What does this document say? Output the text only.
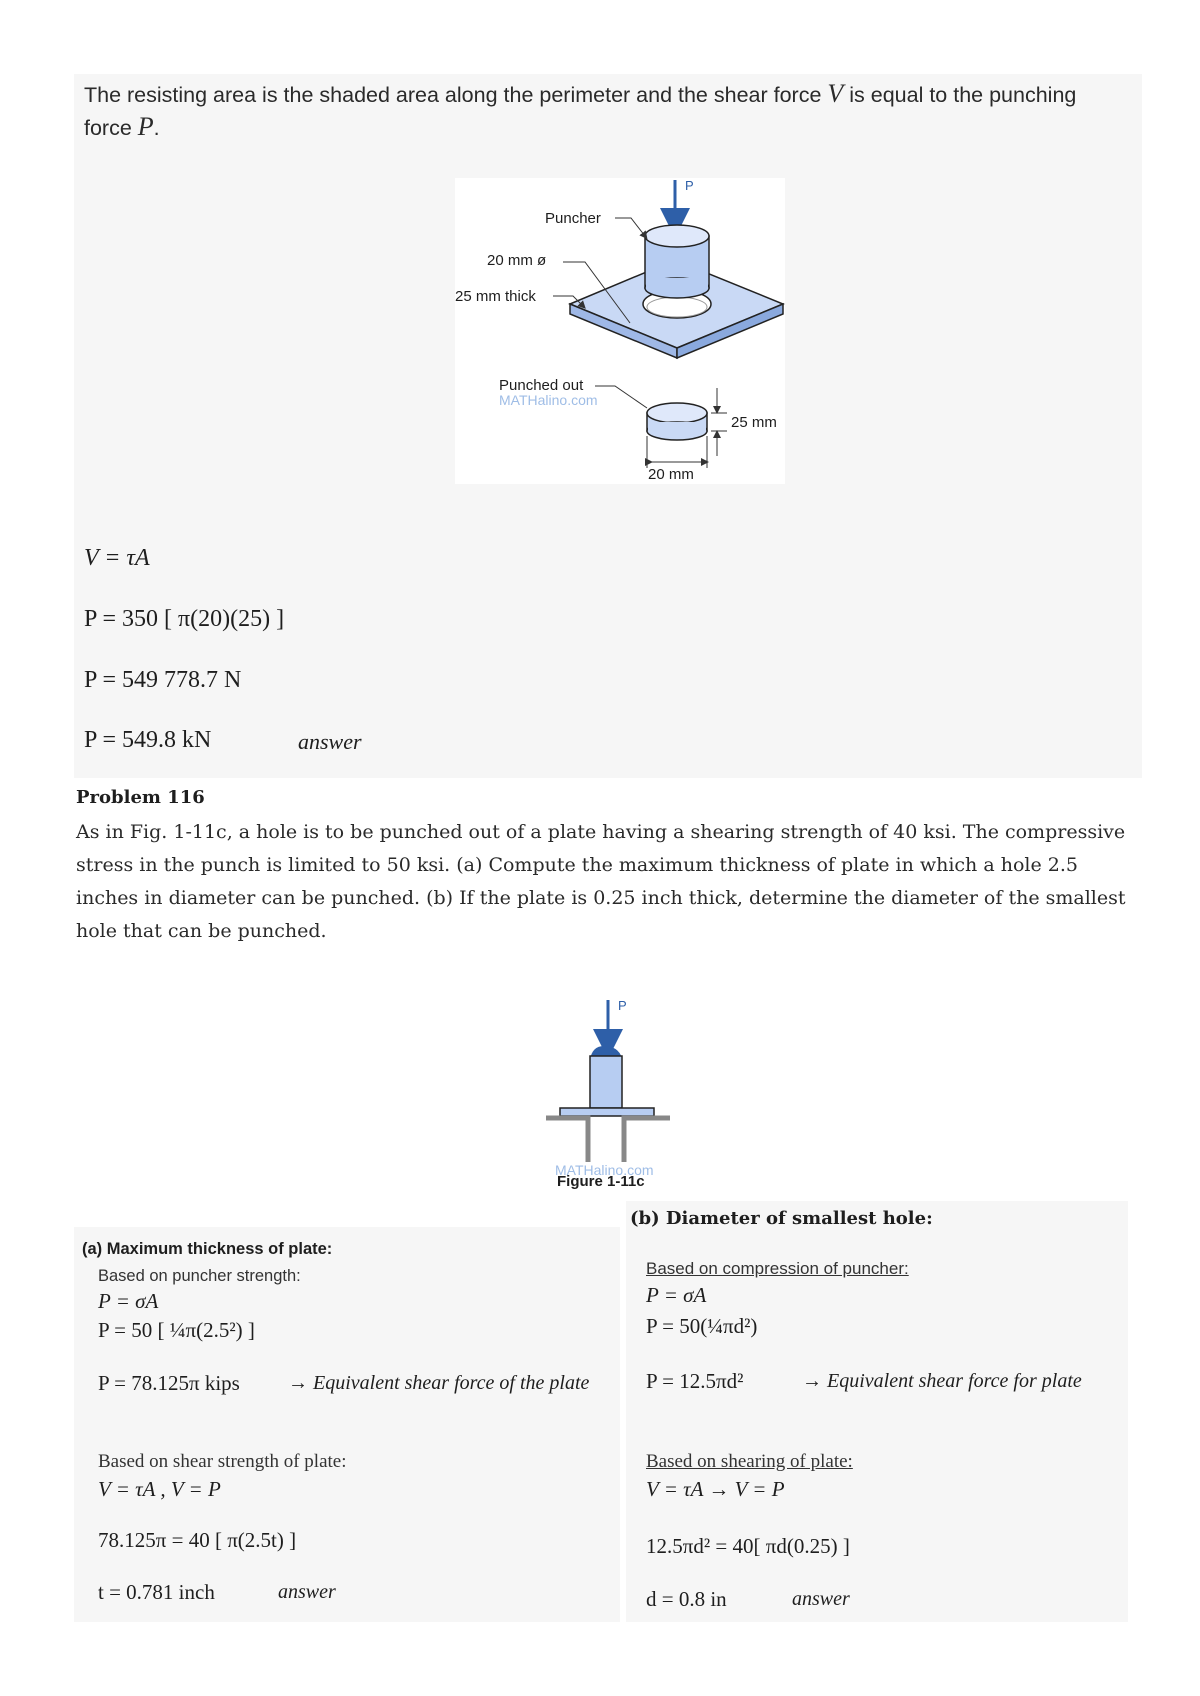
The resisting area is the shaded area along the perimeter and the shear force V is equal to the punching force P.
P
Puncher
20 mm ø
25 mm thick
Punched out
MATHalino.com
25 mm
20 mm
V = τA
P = 350 [ π(20)(25) ]
P = 549 778.7 N
P = 549.8 kN	answer
Problem 116
As in Fig. 1-11c, a hole is to be punched out of a plate having a shearing strength of 40 ksi. The compressive stress in the punch is limited to 50 ksi. (a) Compute the maximum thickness of plate in which a hole 2.5 inches in diameter can be punched. (b) If the plate is 0.25 inch thick, determine the diameter of the smallest hole that can be punched.
P
MATHalino.com
Figure 1-11c
(a) Maximum thickness of plate:
Based on puncher strength:
P = σA
P = 50 [ ¼π(2.5²) ]
P = 78.125π kips → Equivalent shear force of the plate
Based on shear strength of plate:
V = τA , V = P
78.125π = 40 [ π(2.5t) ]
t = 0.781 inch	answer
(b) Diameter of smallest hole:
Based on compression of puncher:
P = σA
P = 50(¼πd²)
P = 12.5πd²	→ Equivalent shear force for plate
Based on shearing of plate:
V = τA → V = P
12.5πd² = 40[ πd(0.25) ]
d = 0.8 in	answer
